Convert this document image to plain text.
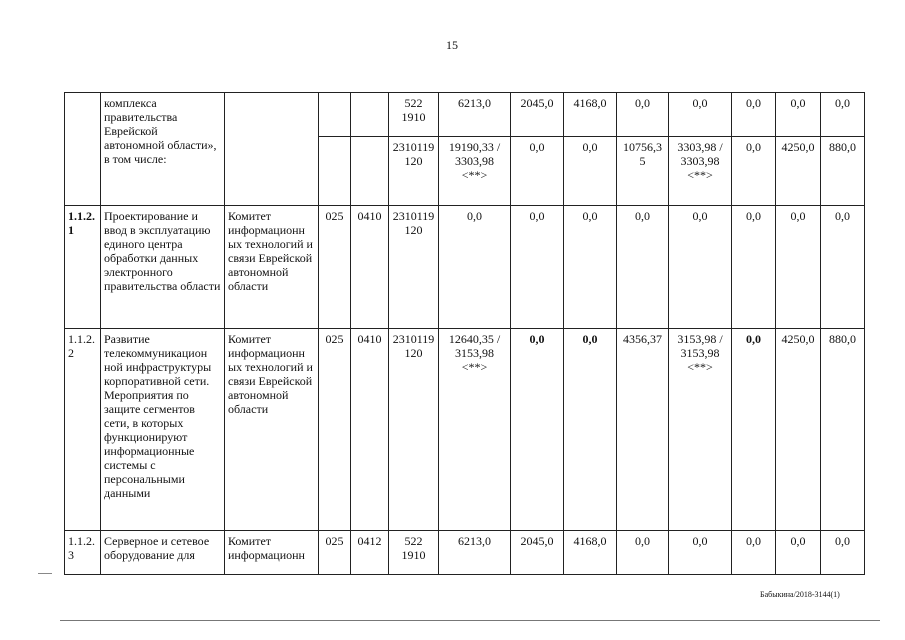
15
	комплекса правительства Еврейской автономной области», в том числе:				522 1910	6213,0	2045,0	4168,0	0,0	0,0	0,0	0,0	0,0
					2310119 120	19190,33 / 3303,98 <**>	0,0	0,0	10756,3 5	3303,98 / 3303,98 <**>	0,0	4250,0	880,0
1.1.2. 1	Проектирование и ввод в эксплуатацию единого центра обработки данных электронного правительства области	Комитет информационн ых технологий и связи Еврейской автономной области	025	0410	2310119 120	0,0	0,0	0,0	0,0	0,0	0,0	0,0	0,0
1.1.2. 2	Развитие телекоммуникацион ной инфраструктуры корпоративной сети. Мероприятия по защите сегментов сети, в которых функционируют информационные системы с персональными данными	Комитет информационн ых технологий и связи Еврейской автономной области	025	0410	2310119 120	12640,35 / 3153,98 <**>	0,0	0,0	4356,37	3153,98 / 3153,98 <**>	0,0	4250,0	880,0
1.1.2. 3	Серверное и сетевое оборудование для	Комитет информационн	025	0412	522 1910	6213,0	2045,0	4168,0	0,0	0,0	0,0	0,0	0,0
Бабыкина/2018-3144(1)
